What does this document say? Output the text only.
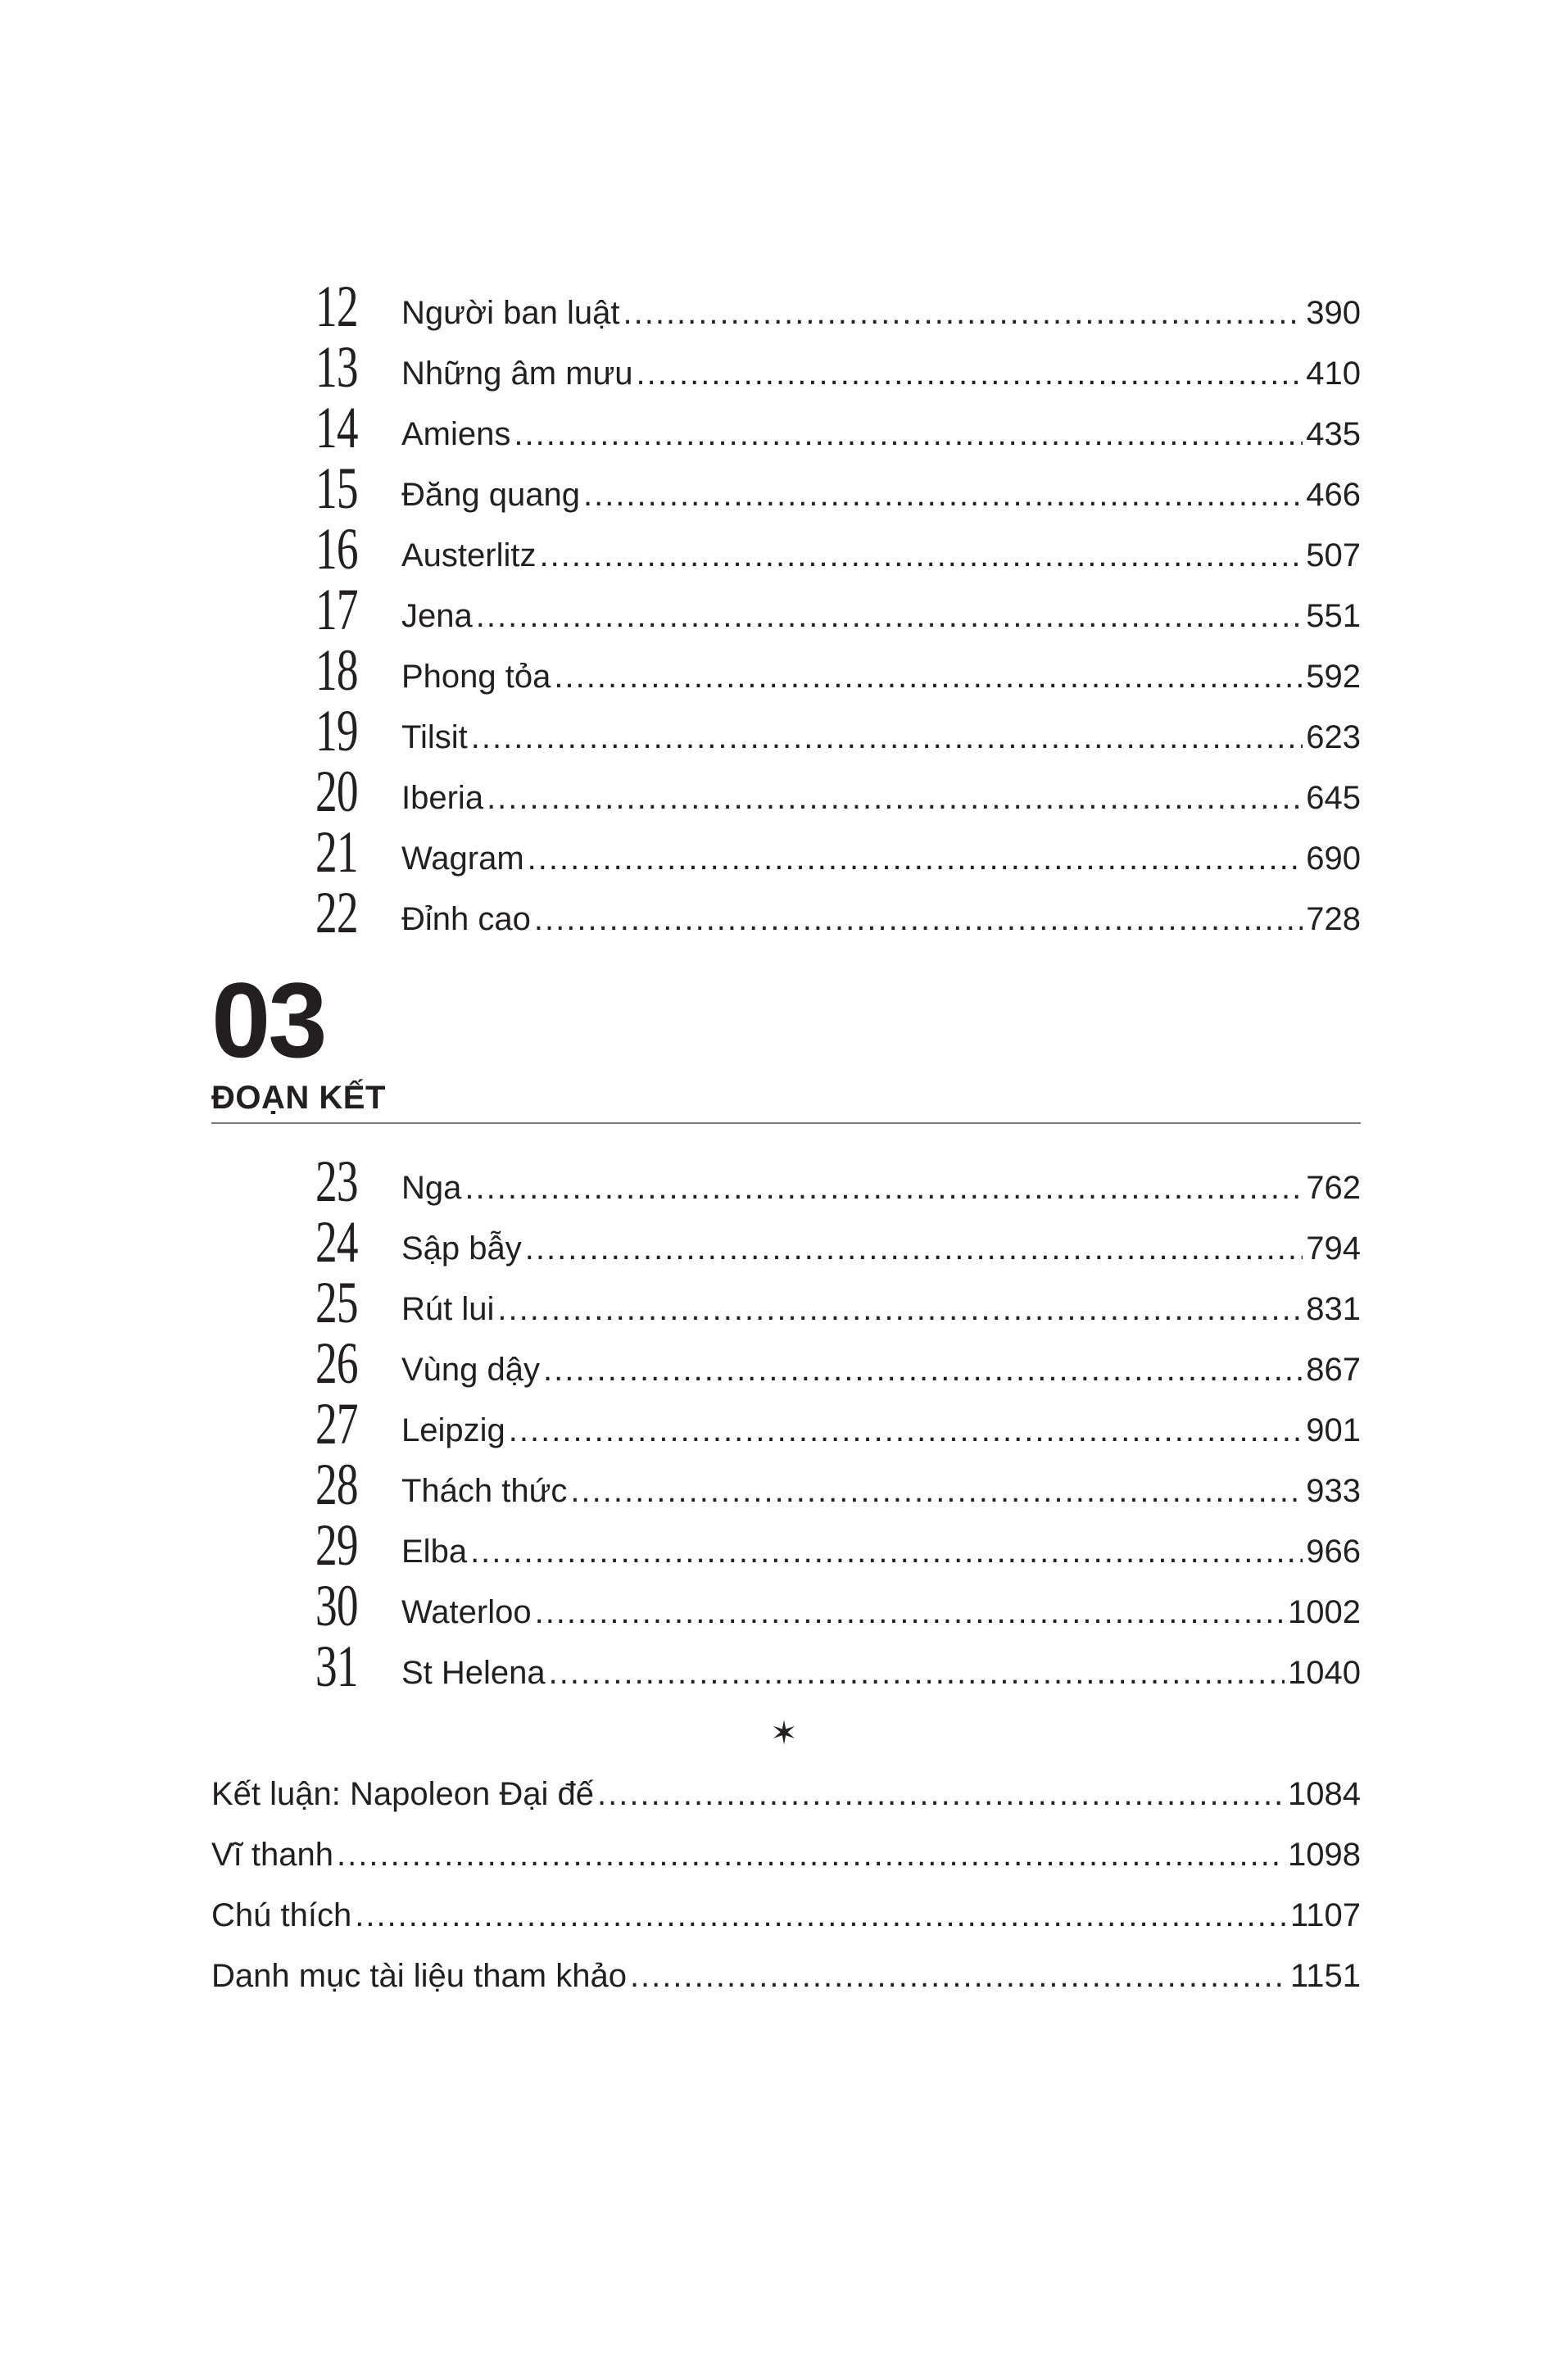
12	Người ban luật .....	390
13	Những âm mưu .....	410
14	Amiens .....	435
15	Đăng quang .....	466
16	Austerlitz .....	507
17	Jena .....	551
18	Phong tỏa .....	592
19	Tilsit .....	623
20	Iberia .....	645
21	Wagram .....	690
22	Đỉnh cao .....	728
03
ĐOẠN KẾT
23	Nga .....	762
24	Sập bẫy .....	794
25	Rút lui .....	831
26	Vùng dậy .....	867
27	Leipzig .....	901
28	Thách thức .....	933
29	Elba .....	966
30	Waterloo .....	1002
31	St Helena .....	1040
✶
Kết luận: Napoleon Đại đế .....	1084
Vĩ thanh .....	1098
Chú thích .....	1107
Danh mục tài liệu tham khảo .....	1151
